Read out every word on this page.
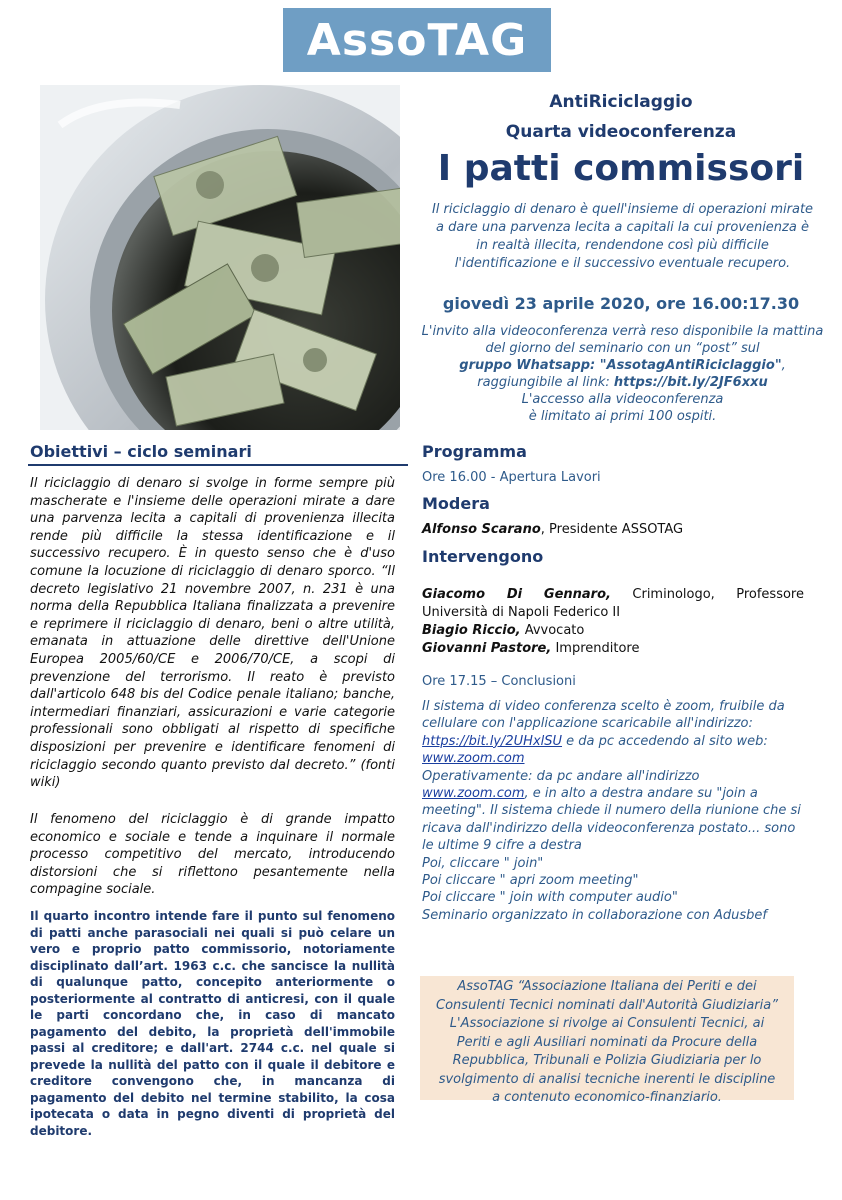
AssoTAG
AntiRiciclaggio
Quarta videoconferenza
I patti commissori
Il riciclaggio di denaro è quell'insieme di operazioni mirate a dare una parvenza lecita a capitali la cui provenienza è in realtà illecita, rendendone così più difficile l'identificazione e il successivo eventuale recupero.
giovedì 23 aprile 2020, ore 16.00:17.30
L'invito alla videoconferenza verrà reso disponibile la mattina del giorno del seminario con un “post” sul
gruppo Whatsapp: "AssotagAntiRiciclaggio",
raggiungibile al link: https://bit.ly/2JF6xxu
L'accesso alla videoconferenza
è limitato ai primi 100 ospiti.
Obiettivi – ciclo seminari
Il riciclaggio di denaro si svolge in forme sempre più mascherate e l'insieme delle operazioni mirate a dare una parvenza lecita a capitali di provenienza illecita rende più difficile la stessa identificazione e il successivo recupero. È in questo senso che è d'uso comune la locuzione di riciclaggio di denaro sporco. “Il decreto legislativo 21 novembre 2007, n. 231 è una norma della Repubblica Italiana finalizzata a prevenire e reprimere il riciclaggio di denaro, beni o altre utilità, emanata in attuazione delle direttive dell'Unione Europea 2005/60/CE e 2006/70/CE, a scopi di prevenzione del terrorismo. Il reato è previsto dall'articolo 648 bis del Codice penale italiano; banche, intermediari finanziari, assicurazioni e varie categorie professionali sono obbligati al rispetto di specifiche disposizioni per prevenire e identificare fenomeni di riciclaggio secondo quanto previsto dal decreto.” (fonti wiki)
Il fenomeno del riciclaggio è di grande impatto economico e sociale e tende a inquinare il normale processo competitivo del mercato, introducendo distorsioni che si riflettono pesantemente nella compagine sociale.
Il quarto incontro intende fare il punto sul fenomeno di patti anche parasociali nei quali si può celare un vero e proprio patto commissorio, notoriamente disciplinato dall’art. 1963 c.c. che sancisce la nullità di qualunque patto, concepito anteriormente o posteriormente al contratto di anticresi, con il quale le parti concordano che, in caso di mancato pagamento del debito, la proprietà dell'immobile passi al creditore; e dall'art. 2744 c.c. nel quale si prevede la nullità del patto con il quale il debitore e creditore convengono che, in mancanza di pagamento del debito nel termine stabilito, la cosa ipotecata o data in pegno diventi di proprietà del debitore.
Programma
Ore 16.00 - Apertura Lavori
Modera
Alfonso Scarano, Presidente ASSOTAG
Intervengono
Giacomo Di Gennaro, Criminologo, Professore Università di Napoli Federico II
Biagio Riccio, Avvocato
Giovanni Pastore, Imprenditore
Ore 17.15 – Conclusioni
Il sistema di video conferenza scelto è zoom, fruibile da cellulare con l'applicazione scaricabile all'indirizzo: https://bit.ly/2UHxlSU e da pc accedendo al sito web: www.zoom.com
Operativamente: da pc andare all'indirizzo
www.zoom.com, e in alto a destra andare su "join a meeting". Il sistema chiede il numero della riunione che si ricava dall'indirizzo della videoconferenza postato... sono le ultime 9 cifre a destra
Poi, cliccare " join"
Poi cliccare " apri zoom meeting"
Poi cliccare " join with computer audio"
Seminario organizzato in collaborazione con Adusbef
AssoTAG “Associazione Italiana dei Periti e dei
Consulenti Tecnici nominati dall'Autorità Giudiziaria”
L'Associazione si rivolge ai Consulenti Tecnici, ai
Periti e agli Ausiliari nominati da Procure della
Repubblica, Tribunali e Polizia Giudiziaria per lo
svolgimento di analisi tecniche inerenti le discipline
a contenuto economico-finanziario.
